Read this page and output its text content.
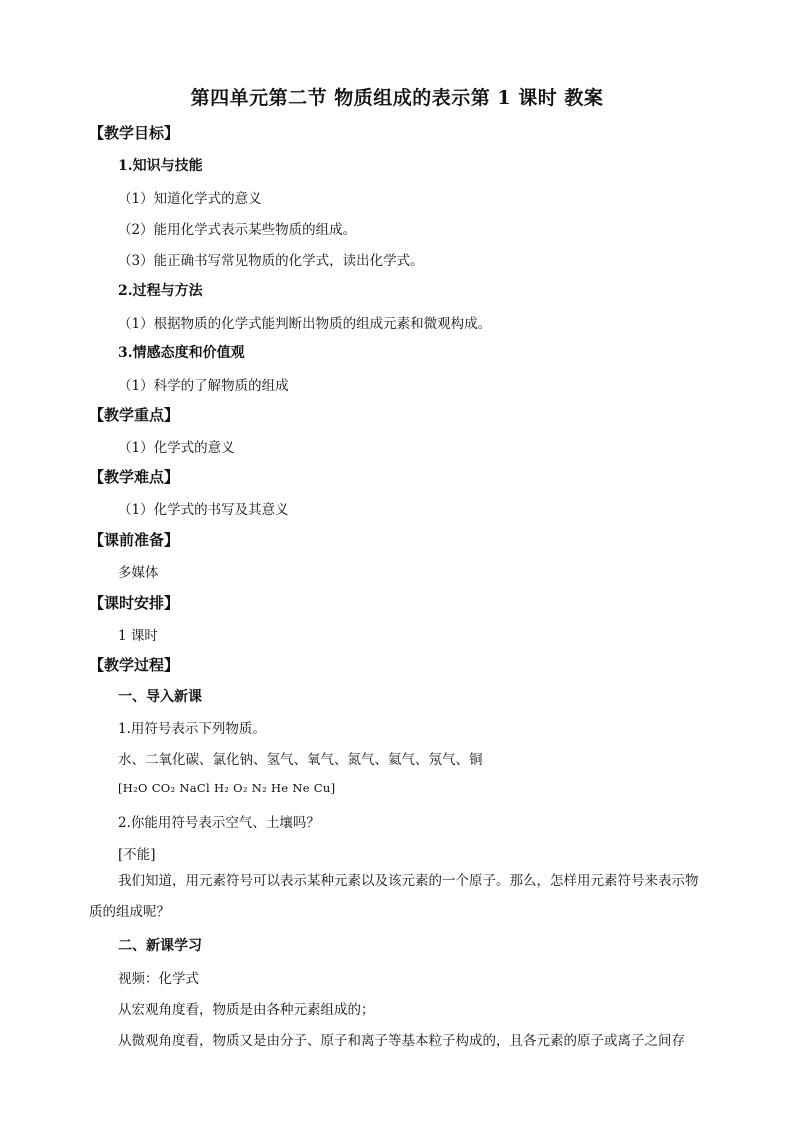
第四单元第二节 物质组成的表示第 1 课时 教案
【教学目标】
1.知识与技能
（1）知道化学式的意义
（2）能用化学式表示某些物质的组成。
（3）能正确书写常见物质的化学式，读出化学式。
2.过程与方法
（1）根据物质的化学式能判断出物质的组成元素和微观构成。
3.情感态度和价值观
（1）科学的了解物质的组成
【教学重点】
（1）化学式的意义
【教学难点】
（1）化学式的书写及其意义
【课前准备】
多媒体
【课时安排】
1 课时
【教学过程】
一、导入新课
1.用符号表示下列物质。
水、二氧化碳、氯化钠、氢气、氧气、氮气、氦气、氖气、铜
[H₂O CO₂ NaCl H₂ O₂ N₂ He Ne Cu]
2.你能用符号表示空气、土壤吗？
[不能]
我们知道，用元素符号可以表示某种元素以及该元素的一个原子。那么，怎样用元素符号来表示物质的组成呢？
二、新课学习
视频：化学式
从宏观角度看，物质是由各种元素组成的；
从微观角度看，物质又是由分子、原子和离子等基本粒子构成的，且各元素的原子或离子之间存
